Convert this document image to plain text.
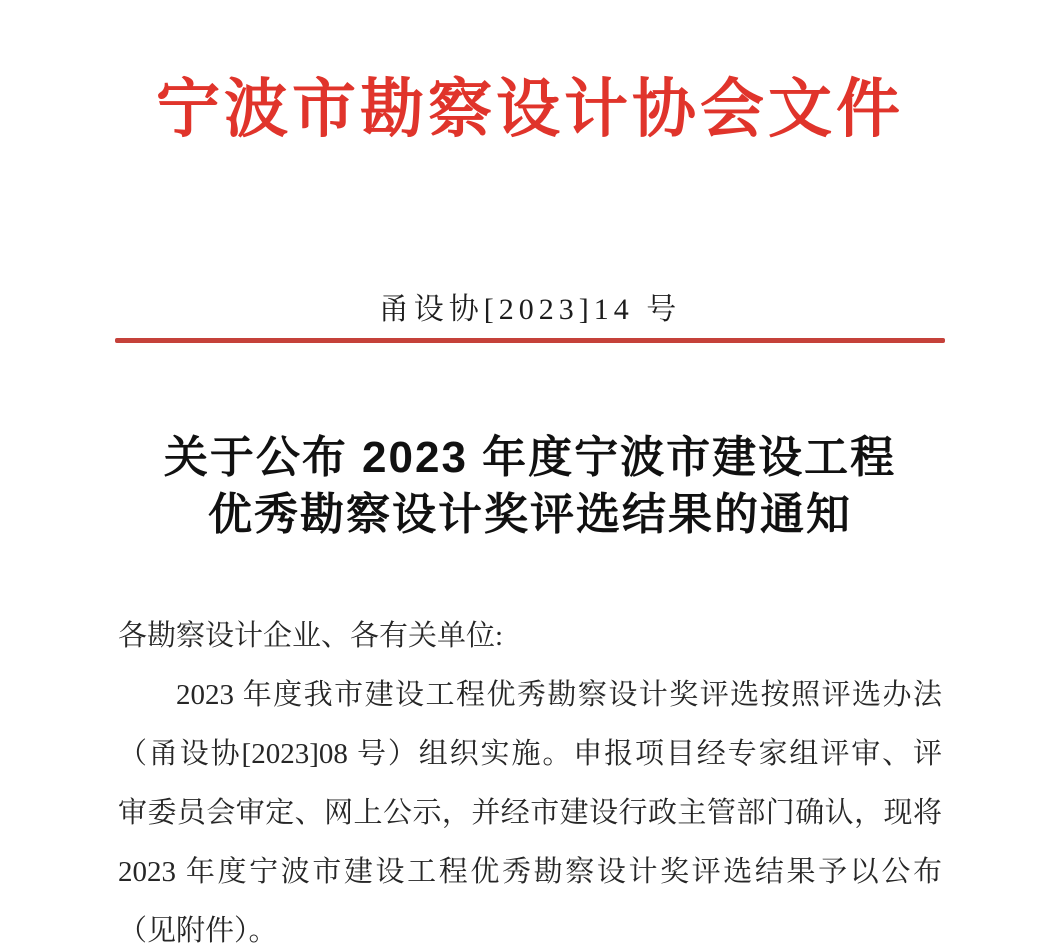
宁波市勘察设计协会文件
甬设协[2023]14 号
关于公布 2023 年度宁波市建设工程
优秀勘察设计奖评选结果的通知
各勘察设计企业、各有关单位:
2023 年度我市建设工程优秀勘察设计奖评选按照评选办法
（甬设协[2023]08 号）组织实施。申报项目经专家组评审、评
审委员会审定、网上公示，并经市建设行政主管部门确认，现将
2023 年度宁波市建设工程优秀勘察设计奖评选结果予以公布
（见附件）。
